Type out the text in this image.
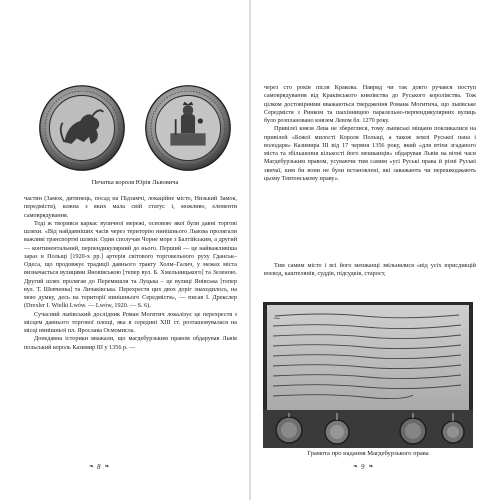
Печатка короля Юрія Львовича

частин (Замок, дитинець, посад на Підзамчі, локаційне місто, Низький Замок, передмістя), кожна з яких мала свій статус і, можливо, елементи самоврядування.

Тоді ж творився каркас вуличної мережі, основою якої були давні торгові шляхи. «Від найдавніших часів через територію нинішнього Львова пролягали важливі транспортні шляхи. Один сполучав Чорне море з Балтійським, а другий — континентальний, перпендикулярний до нього. Перший — це найважливіша зараз в Польщі [1920-х рр.] артерія світового торговельного руху Гданськ–Одеса, що продовжує традиції давнього тракту Холм–Галич, у межах міста визначається вулицями Яновівською [тепер вул. Б. Хмельницького] та Зеленою. Другий шлях пролягав до Перемишля та Луцька – це вулиці Янівська [тепер вул. Т. Шевченка] та Личаківська. Перехрестя цих двох доріг знаходилось, на мою думку, десь на території нинішнього Середмістя», — писав І. Дрекслер (Drexler I. Wielki Lwów. — Lwów, 1920. — S. 6).

Сучасний львівський дослідник Роман Могитич локалізує це перехрестя з місцем давнього торгової площі, яка в середині XIII ст. розташовувалася на місці нинішньої пл. Ярослава Осмомисла.

Донедавна історики вважали, що магдебурзьким правом обдарував Львів польський король Казимир ІІІ у 1356 р. —

через сто років після Кракова. Навряд чи так довго ручався поступ самоврядування від Краківського князівства до Руського королівства. Тож цілком достовірними вважаються твердження Романа Могитича, що львівське Середмістя з Ринком та шахінницею паралельно-перпендикулярних вулиць було розплановано князем Левом бл. 1270 року.

Привілеї князя Лева не збереглися, тому львівські міщани покликалися на привілей «Божої милості Короля Польщі, а також землі Руської пана і володаря» Казимира ІІІ від 17 червня 1356 року, який «для втіхи згаданого міста та збільшення кількості його мешканців» обдарував Львів на вічні часи Магдебурзьким правом, усуваючи тим самим «усі Руські права й різні Руські звичаї, ким би вони не були встановлені, які заважають чи перешкоджають цьому Тевтонському праву».

Тим самим місто і всі його мешканці звільнялися «від усіх юрисдикцій воєвод, каштелянів, суддів, підсудків, старост,

~
Грамота про надання Магдебурзького права
❧ 8 ❧	❧ 9 ❧
